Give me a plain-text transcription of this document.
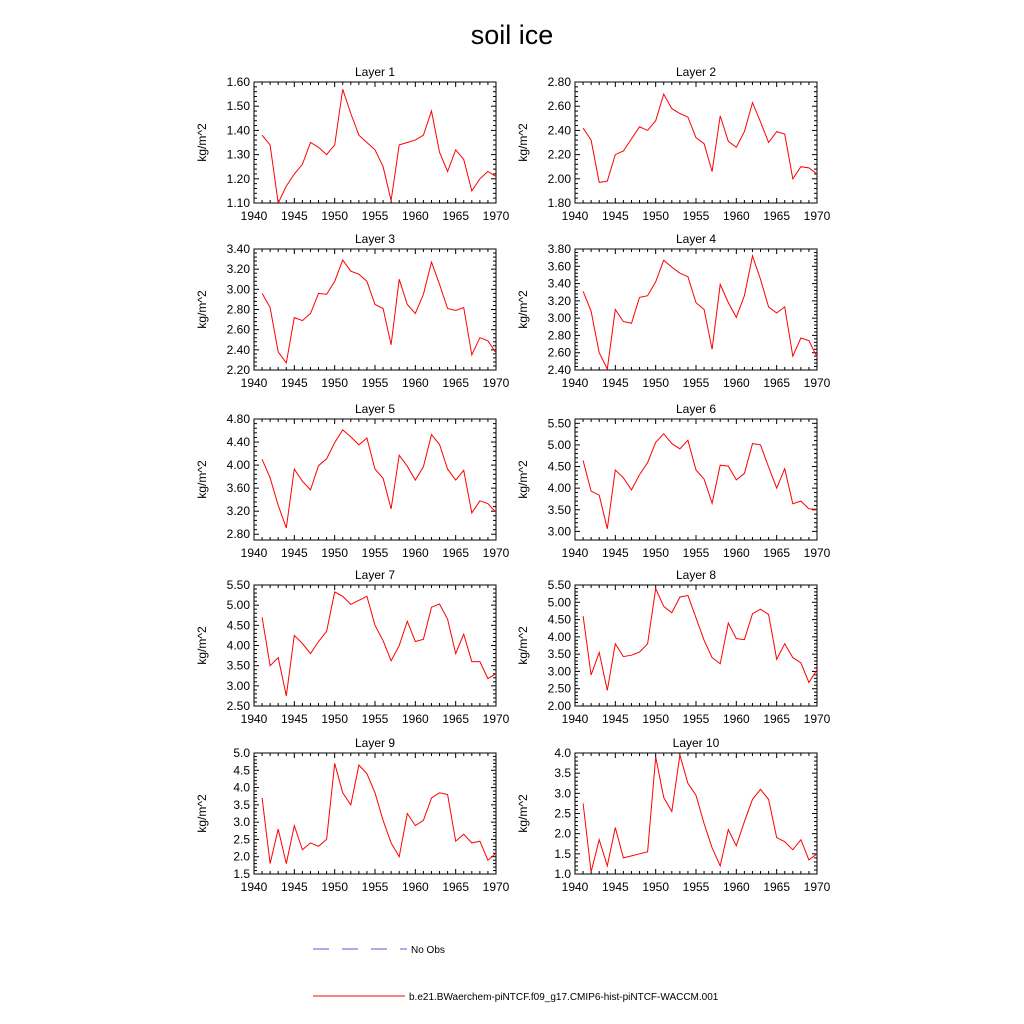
soil ice
Layer 1
1940 1945 1950 1955 1960 1965 1970
1.10
1.20
1.30
1.40
1.50
1.60
kg/m^2
Layer 2
1940 1945 1950 1955 1960 1965 1970
1.80
2.00
2.20
2.40
2.60
2.80
kg/m^2
Layer 3
1940 1945 1950 1955 1960 1965 1970
2.20
2.40
2.60
2.80
3.00
3.20
3.40
kg/m^2
Layer 4
1940 1945 1950 1955 1960 1965 1970
2.40
2.60
2.80
3.00
3.20
3.40
3.60
3.80
kg/m^2
Layer 5
1940 1945 1950 1955 1960 1965 1970
2.80
3.20
3.60
4.00
4.40
4.80
kg/m^2
Layer 6
1940 1945 1950 1955 1960 1965 1970
3.00
3.50
4.00
4.50
5.00
5.50
kg/m^2
Layer 7
1940 1945 1950 1955 1960 1965 1970
2.50
3.00
3.50
4.00
4.50
5.00
5.50
kg/m^2
Layer 8
1940 1945 1950 1955 1960 1965 1970
2.00
2.50
3.00
3.50
4.00
4.50
5.00
5.50
kg/m^2
Layer 9
1940 1945 1950 1955 1960 1965 1970
1.5
2.0
2.5
3.0
3.5
4.0
4.5
5.0
kg/m^2
Layer 10
1940 1945 1950 1955 1960 1965 1970
1.0
1.5
2.0
2.5
3.0
3.5
4.0
kg/m^2
No Obs
b.e21.BWaerchem-piNTCF.f09_g17.CMIP6-hist-piNTCF-WACCM.001
